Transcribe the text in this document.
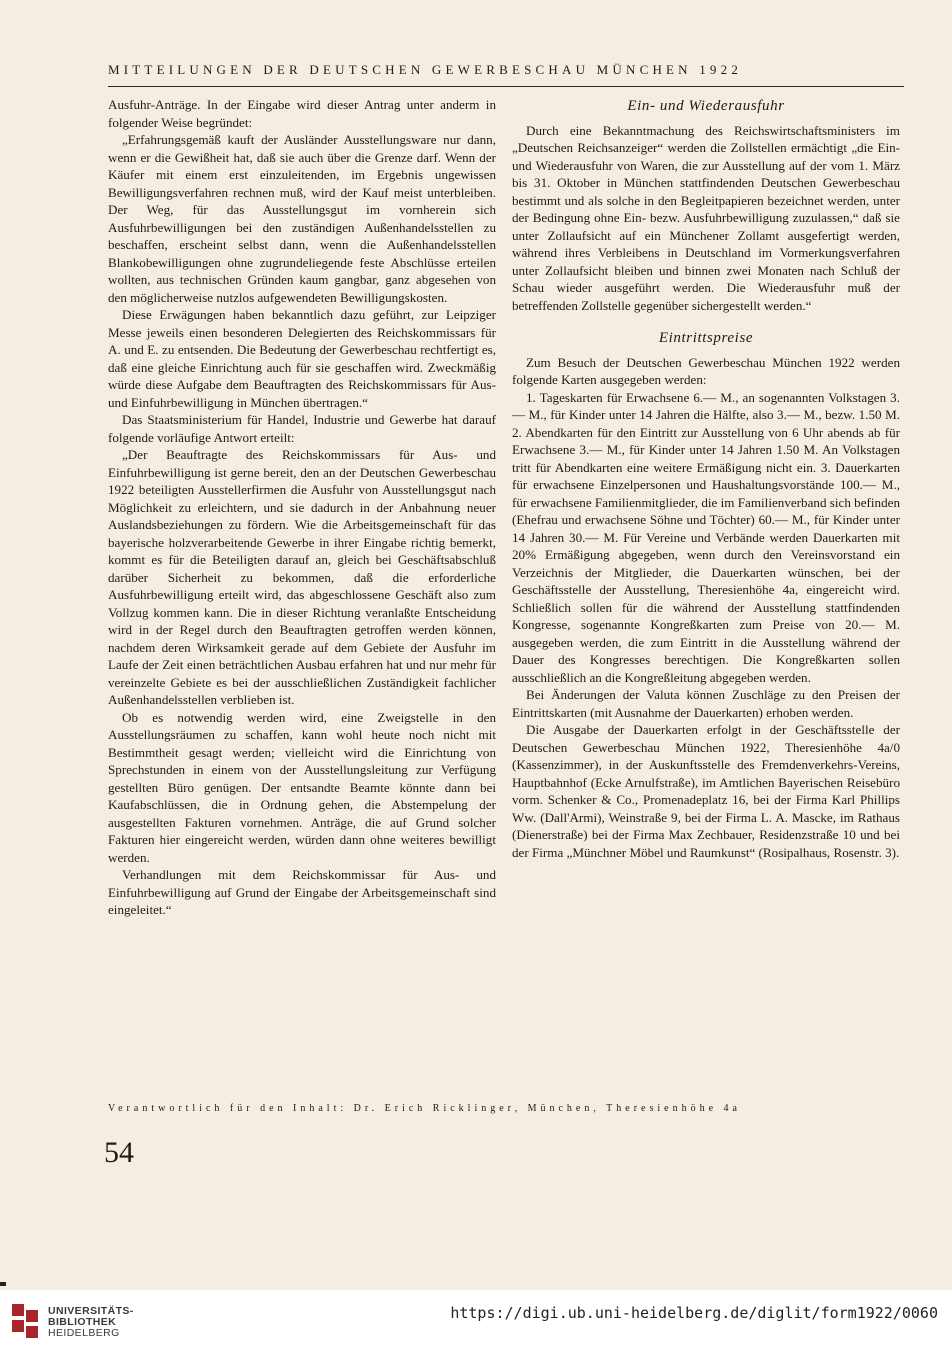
MITTEILUNGEN DER DEUTSCHEN GEWERBESCHAU MÜNCHEN 1922

Ausfuhr-Anträge. In der Eingabe wird dieser Antrag unter anderm in folgender Weise begründet:

„Erfahrungsgemäß kauft der Ausländer Ausstellungsware nur dann, wenn er die Gewißheit hat, daß sie auch über die Grenze darf. Wenn der Käufer mit einem erst einzuleitenden, im Ergebnis ungewissen Bewilligungsverfahren rechnen muß, wird der Kauf meist unterbleiben. Der Weg, für das Ausstellungsgut im vornherein sich Ausfuhrbewilligungen bei den zuständigen Außenhandelsstellen zu beschaffen, erscheint selbst dann, wenn die Außenhandelsstellen Blankobewilligungen ohne zugrundeliegende feste Abschlüsse erteilen wollten, aus technischen Gründen kaum gangbar, ganz abgesehen von den möglicherweise nutzlos aufgewendeten Bewilligungskosten.

Diese Erwägungen haben bekanntlich dazu geführt, zur Leipziger Messe jeweils einen besonderen Delegierten des Reichskommissars für A. und E. zu entsenden. Die Bedeutung der Gewerbeschau rechtfertigt es, daß eine gleiche Einrichtung auch für sie geschaffen wird. Zweckmäßig würde diese Aufgabe dem Beauftragten des Reichskommissars für Aus- und Einfuhrbewilligung in München übertragen.“

Das Staatsministerium für Handel, Industrie und Gewerbe hat darauf folgende vorläufige Antwort erteilt:

„Der Beauftragte des Reichskommissars für Aus- und Einfuhrbewilligung ist gerne bereit, den an der Deutschen Gewerbeschau 1922 beteiligten Ausstellerfirmen die Ausfuhr von Ausstellungsgut nach Möglichkeit zu erleichtern, und sie dadurch in der Anbahnung neuer Auslandsbeziehungen zu fördern. Wie die Arbeitsgemeinschaft für das bayerische holzverarbeitende Gewerbe in ihrer Eingabe richtig bemerkt, kommt es für die Beteiligten darauf an, gleich bei Geschäftsabschluß darüber Sicherheit zu bekommen, daß die erforderliche Ausfuhrbewilligung erteilt wird, das abgeschlossene Geschäft also zum Vollzug kommen kann. Die in dieser Richtung veranlaßte Entscheidung wird in der Regel durch den Beauftragten getroffen werden können, nachdem deren Wirksamkeit gerade auf dem Gebiete der Ausfuhr im Laufe der Zeit einen beträchtlichen Ausbau erfahren hat und nur mehr für vereinzelte Gebiete es bei der ausschließlichen Zuständigkeit fachlicher Außenhandelsstellen verblieben ist.

Ob es notwendig werden wird, eine Zweigstelle in den Ausstellungsräumen zu schaffen, kann wohl heute noch nicht mit Bestimmtheit gesagt werden; vielleicht wird die Einrichtung von Sprechstunden in einem von der Ausstellungsleitung zur Verfügung gestellten Büro genügen. Der entsandte Beamte könnte dann bei Kaufabschlüssen, die in Ordnung gehen, die Abstempelung der ausgestellten Fakturen vornehmen. Anträge, die auf Grund solcher Fakturen hier eingereicht werden, würden dann ohne weiteres bewilligt werden.

Verhandlungen mit dem Reichskommissar für Aus- und Einfuhrbewilligung auf Grund der Eingabe der Arbeitsgemeinschaft sind eingeleitet.“

Ein- und Wiederausfuhr

Durch eine Bekanntmachung des Reichswirtschaftsministers im „Deutschen Reichsanzeiger“ werden die Zollstellen ermächtigt „die Ein- und Wiederausfuhr von Waren, die zur Ausstellung auf der vom 1. März bis 31. Oktober in München stattfindenden Deutschen Gewerbeschau bestimmt und als solche in den Begleitpapieren bezeichnet werden, unter der Bedingung ohne Ein- bezw. Ausfuhrbewilligung zuzulassen,“ daß sie unter Zollaufsicht auf ein Münchener Zollamt ausgefertigt werden, während ihres Verbleibens in Deutschland im Vormerkungsverfahren unter Zollaufsicht bleiben und binnen zwei Monaten nach Schluß der Schau wieder ausgeführt werden. Die Wiederausfuhr muß der betreffenden Zollstelle gegenüber sichergestellt werden.“

Eintrittspreise

Zum Besuch der Deutschen Gewerbeschau München 1922 werden folgende Karten ausgegeben werden:

1. Tageskarten für Erwachsene 6.— M., an sogenannten Volkstagen 3.— M., für Kinder unter 14 Jahren die Hälfte, also 3.— M., bezw. 1.50 M. 2. Abendkarten für den Eintritt zur Ausstellung von 6 Uhr abends ab für Erwachsene 3.— M., für Kinder unter 14 Jahren 1.50 M. An Volkstagen tritt für Abendkarten eine weitere Ermäßigung nicht ein. 3. Dauerkarten für erwachsene Einzelpersonen und Haushaltungsvorstände 100.— M., für erwachsene Familienmitglieder, die im Familienverband sich befinden (Ehefrau und erwachsene Söhne und Töchter) 60.— M., für Kinder unter 14 Jahren 30.— M. Für Vereine und Verbände werden Dauerkarten mit 20% Ermäßigung abgegeben, wenn durch den Vereinsvorstand ein Verzeichnis der Mitglieder, die Dauerkarten wünschen, bei der Geschäftsstelle der Ausstellung, Theresienhöhe 4a, eingereicht wird. Schließlich sollen für die während der Ausstellung stattfindenden Kongresse, sogenannte Kongreßkarten zum Preise von 20.— M. ausgegeben werden, die zum Eintritt in die Ausstellung während der Dauer des Kongresses berechtigen. Die Kongreßkarten sollen ausschließlich an die Kongreßleitung abgegeben werden.

Bei Änderungen der Valuta können Zuschläge zu den Preisen der Eintrittskarten (mit Ausnahme der Dauerkarten) erhoben werden.

Die Ausgabe der Dauerkarten erfolgt in der Geschäftsstelle der Deutschen Gewerbeschau München 1922, Theresienhöhe 4a/0 (Kassenzimmer), in der Auskunftsstelle des Fremdenverkehrs-Vereins, Hauptbahnhof (Ecke Arnulfstraße), im Amtlichen Bayerischen Reisebüro vorm. Schenker & Co., Promenadeplatz 16, bei der Firma Karl Phillips Ww. (Dall'Armi), Weinstraße 9, bei der Firma L. A. Mascke, im Rathaus (Dienerstraße) bei der Firma Max Zechbauer, Residenzstraße 10 und bei der Firma „Münchner Möbel und Raumkunst“ (Rosipalhaus, Rosenstr. 3).

Verantwortlich für den Inhalt: Dr. Erich Ricklinger, München, Theresienhöhe 4a
54
UNIVERSITÄTS-
BIBLIOTHEK
HEIDELBERG
https://digi.ub.uni-heidelberg.de/diglit/form1922/0060
